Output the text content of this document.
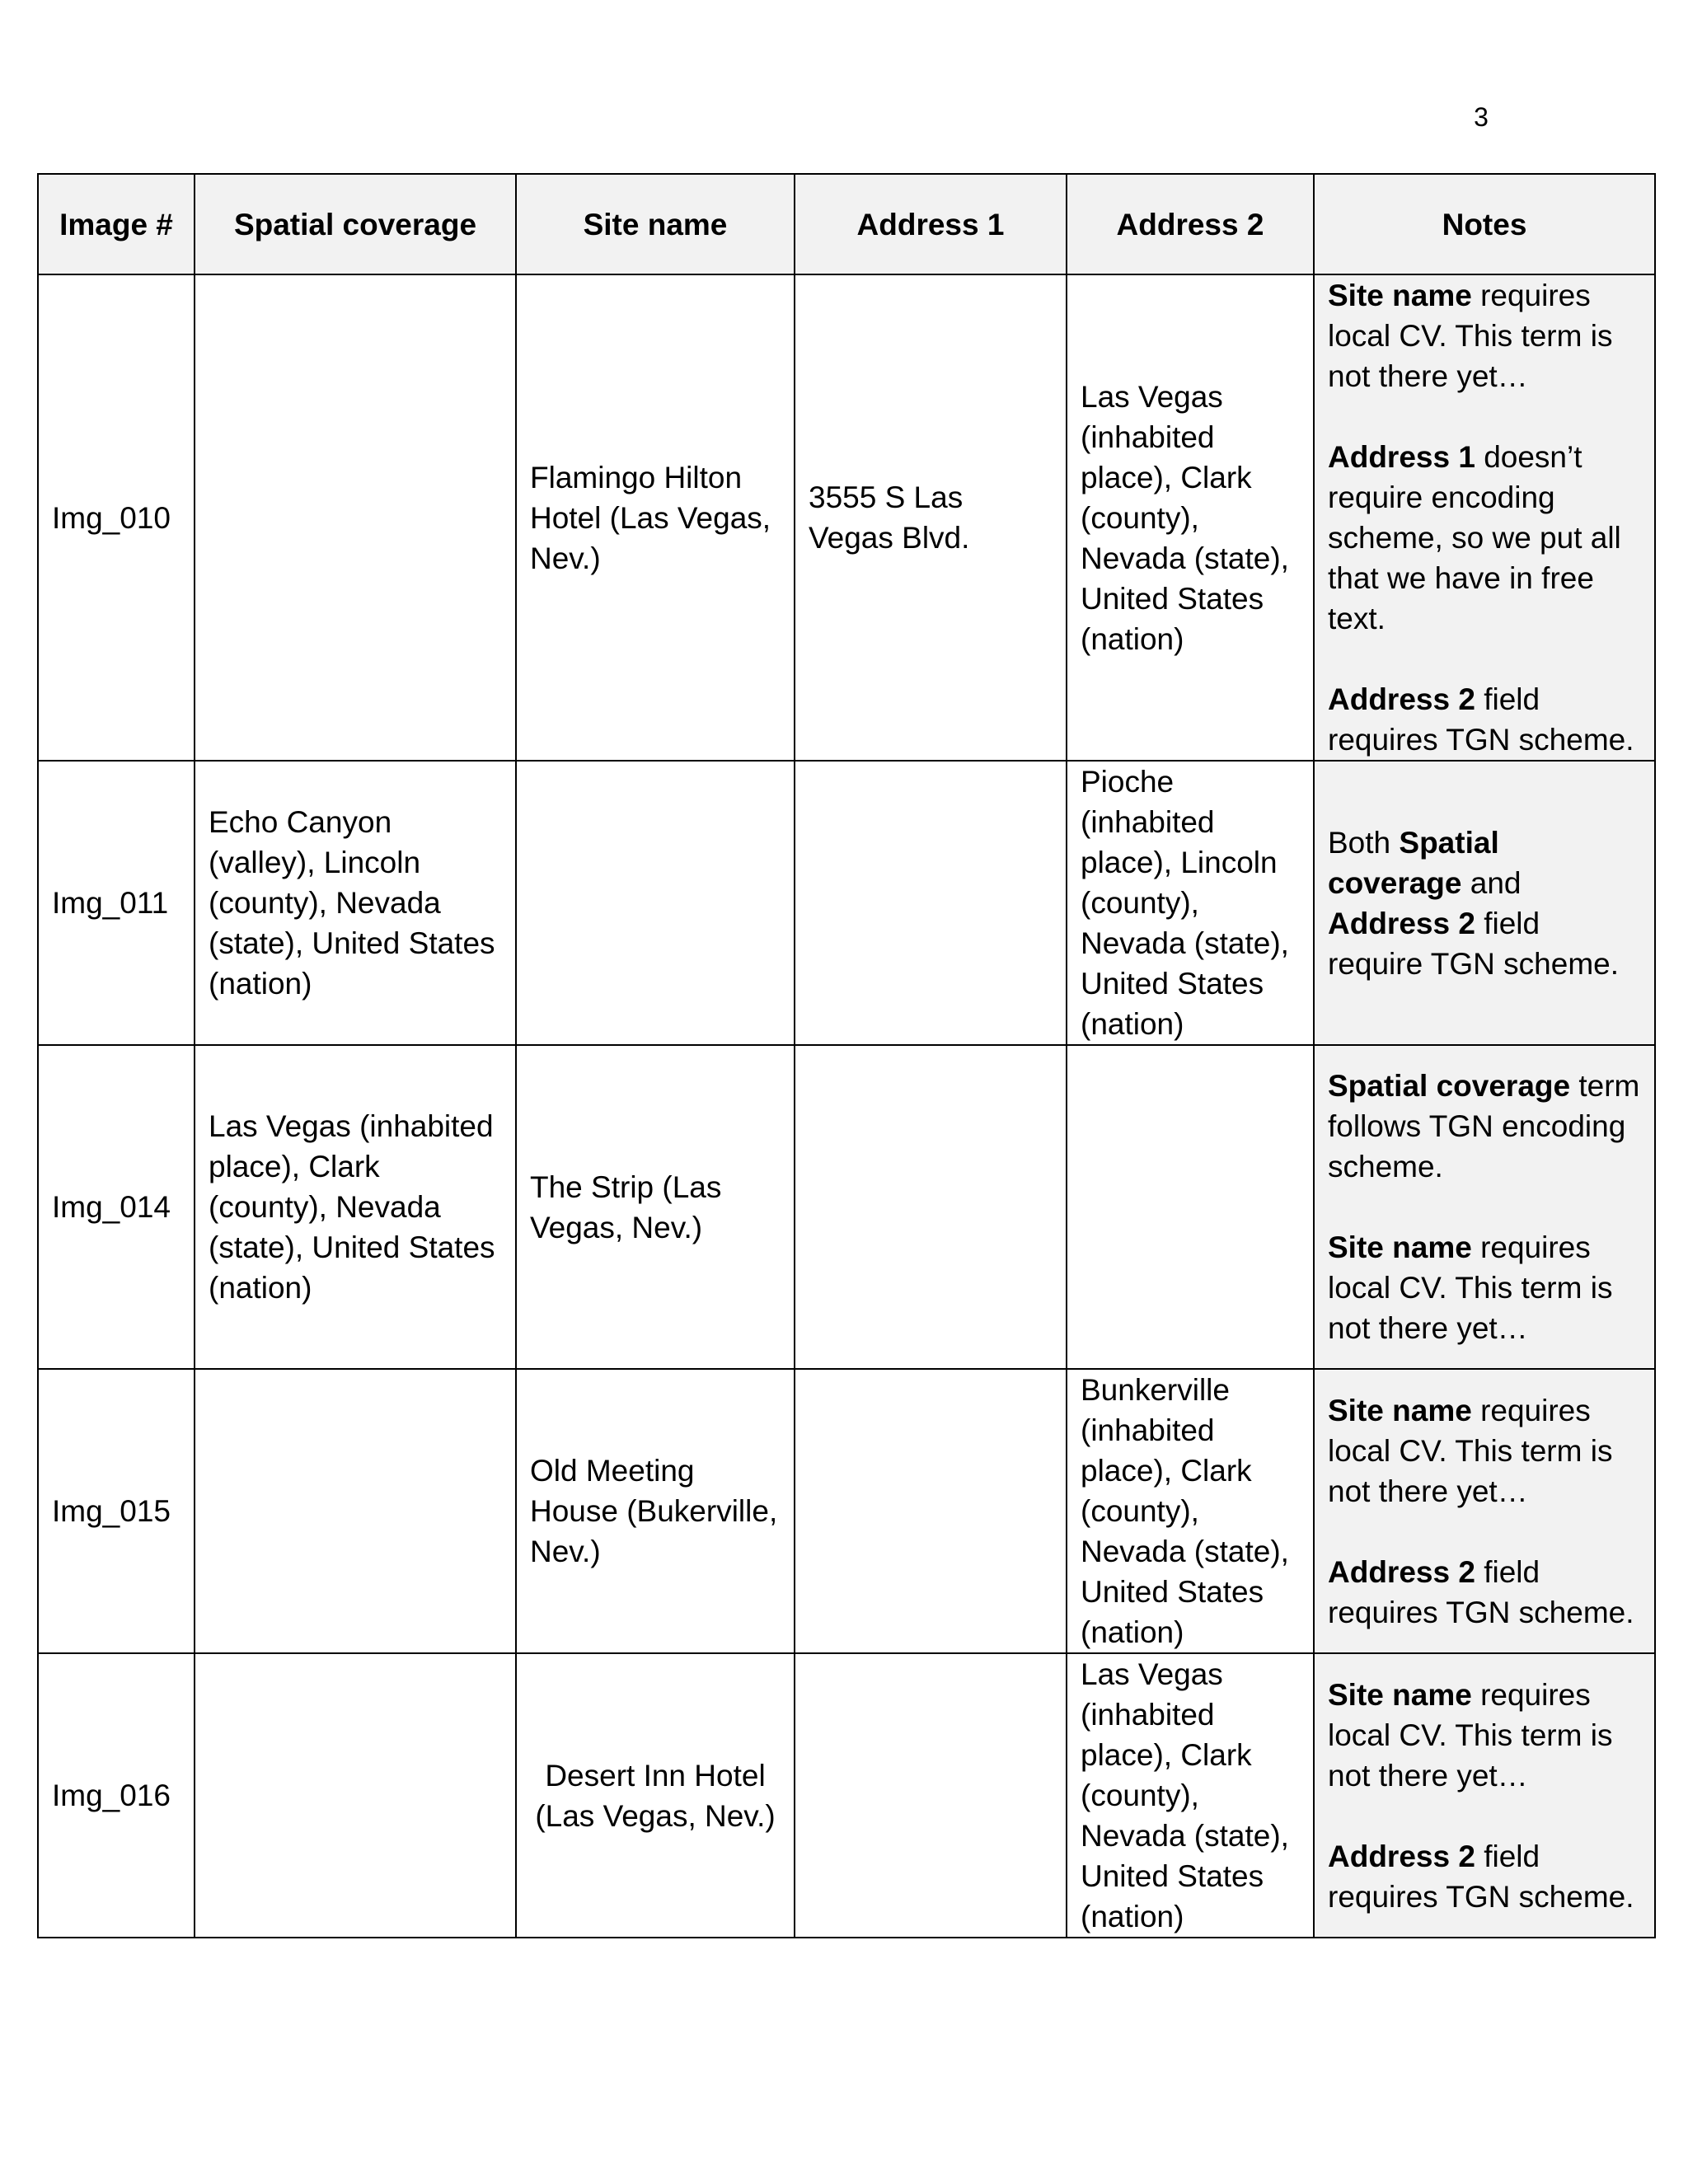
3
Image #	Spatial coverage	Site name	Address 1	Address 2	Notes
Img_010		Flamingo Hilton Hotel (Las Vegas, Nev.)	3555 S Las Vegas Blvd.	Las Vegas (inhabited place), Clark (county), Nevada (state), United States (nation)	Site name requires local CV. This term is not there yet…
Address 1 doesn’t require encoding scheme, so we put all that we have in free text.
Address 2 field requires TGN scheme.

Img_011	Echo Canyon (valley), Lincoln (county), Nevada (state), United States (nation)			Pioche (inhabited place), Lincoln (county), Nevada (state), United States (nation)	Both Spatial coverage and Address 2 field require TGN scheme.

Img_014	Las Vegas (inhabited place), Clark (county), Nevada (state), United States (nation)	The Strip (Las Vegas, Nev.)			Spatial coverage term follows TGN encoding scheme.
Site name requires local CV. This term is not there yet…

Img_015		Old Meeting House (Bukerville, Nev.)		Bunkerville (inhabited place), Clark (county), Nevada (state), United States (nation)	Site name requires local CV. This term is not there yet…
Address 2 field requires TGN scheme.

Img_016		Desert Inn Hotel (Las Vegas, Nev.)		Las Vegas (inhabited place), Clark (county), Nevada (state), United States (nation)	Site name requires local CV. This term is not there yet…
Address 2 field requires TGN scheme.
